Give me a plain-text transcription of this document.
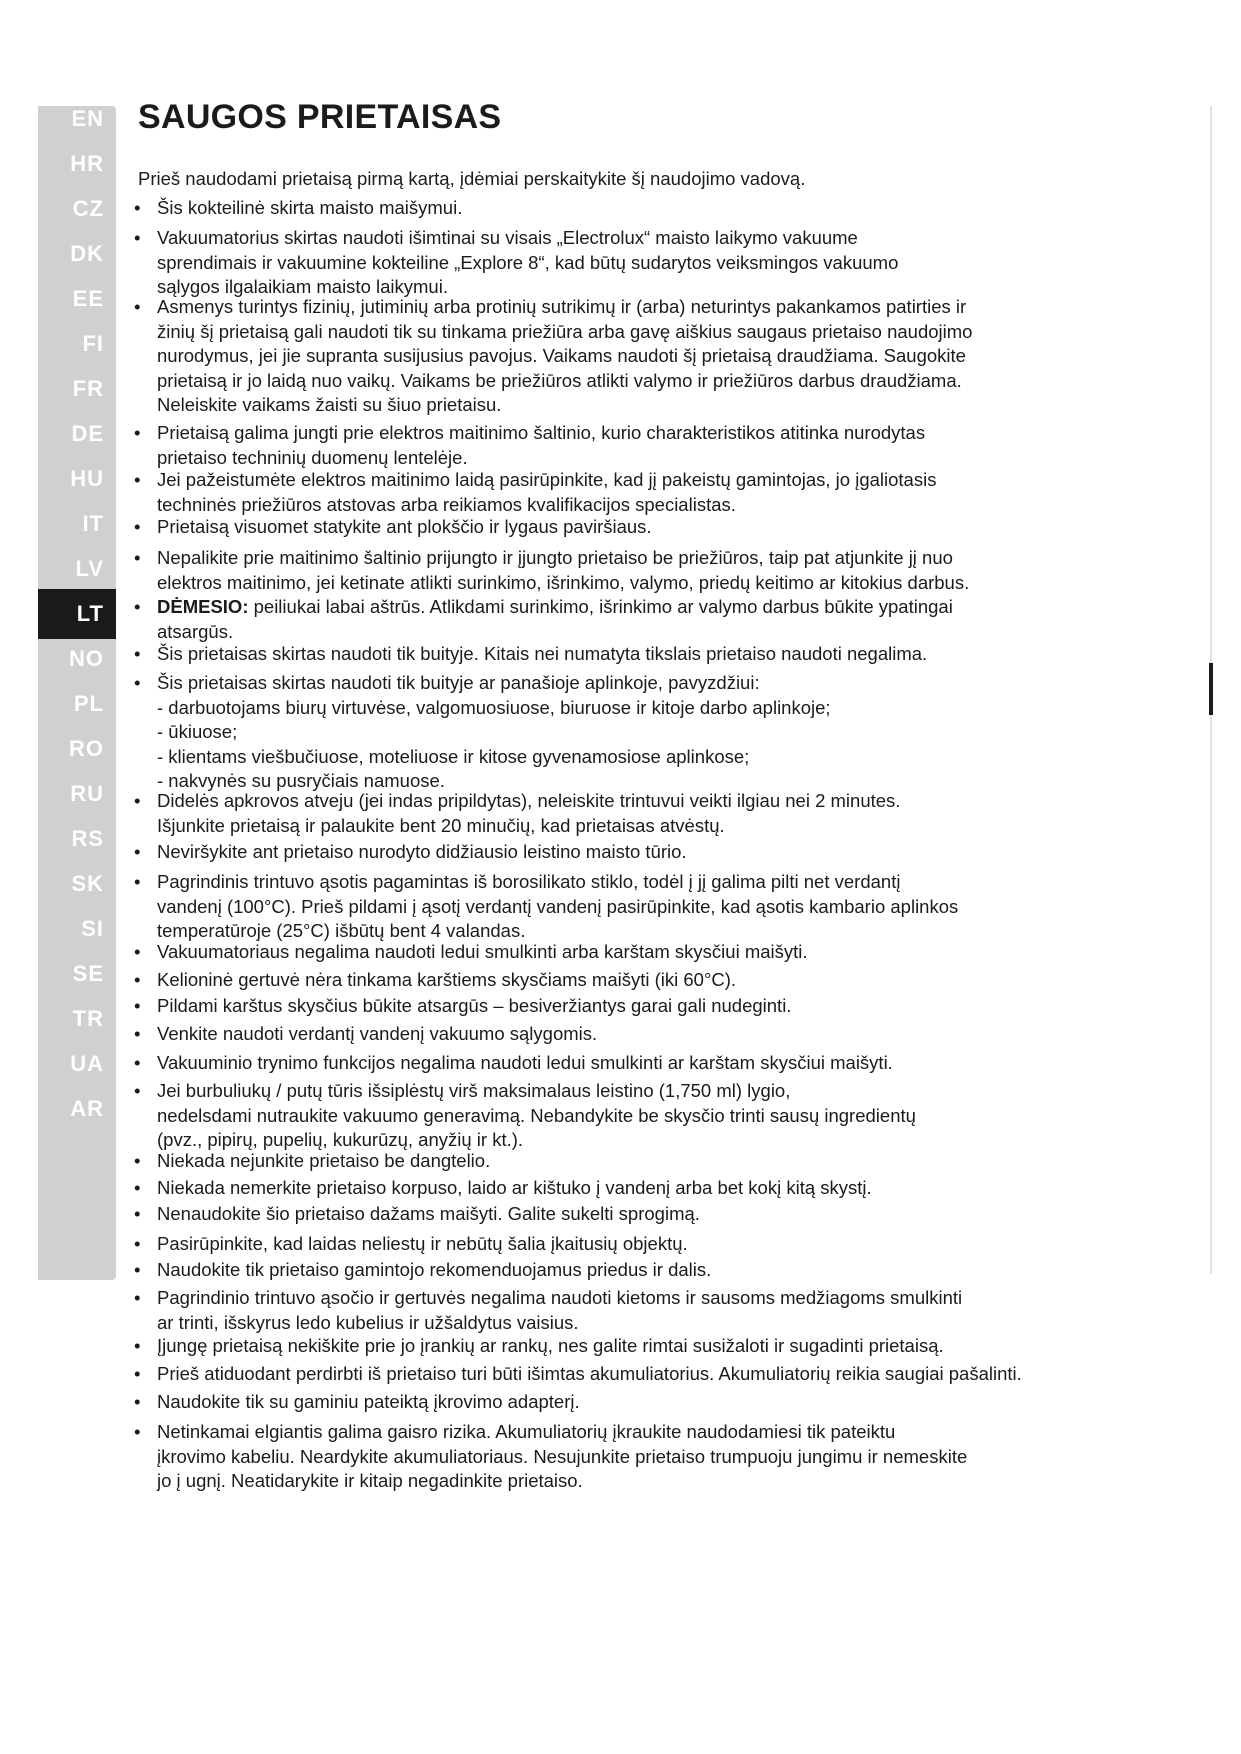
EN
HR
CZ
DK
EE
FI
FR
DE
HU
IT
LV
LT
NO
PL
RO
RU
RS
SK
SI
SE
TR
UA
AR
SAUGOS PRIETAISAS

Prieš naudodami prietaisą pirmą kartą, įdėmiai perskaitykite šį naudojimo vadovą.

• Šis kokteilinė skirta maisto maišymui.
• Vakuumatorius skirtas naudoti išimtinai su visais „Electrolux“ maisto laikymo vakuume
sprendimais ir vakuumine kokteiline „Explore 8“, kad būtų sudarytos veiksmingos vakuumo
sąlygos ilgalaikiam maisto laikymui.
• Asmenys turintys fizinių, jutiminių arba protinių sutrikimų ir (arba) neturintys pakankamos patirties ir
žinių šį prietaisą gali naudoti tik su tinkama priežiūra arba gavę aiškius saugaus prietaiso naudojimo
nurodymus, jei jie supranta susijusius pavojus. Vaikams naudoti šį prietaisą draudžiama. Saugokite
prietaisą ir jo laidą nuo vaikų. Vaikams be priežiūros atlikti valymo ir priežiūros darbus draudžiama.
Neleiskite vaikams žaisti su šiuo prietaisu.
• Prietaisą galima jungti prie elektros maitinimo šaltinio, kurio charakteristikos atitinka nurodytas
prietaiso techninių duomenų lentelėje.
• Jei pažeistumėte elektros maitinimo laidą pasirūpinkite, kad jį pakeistų gamintojas, jo įgaliotasis
techninės priežiūros atstovas arba reikiamos kvalifikacijos specialistas.
• Prietaisą visuomet statykite ant plokščio ir lygaus paviršiaus.
• Nepalikite prie maitinimo šaltinio prijungto ir įjungto prietaiso be priežiūros, taip pat atjunkite jį nuo
elektros maitinimo, jei ketinate atlikti surinkimo, išrinkimo, valymo, priedų keitimo ar kitokius darbus.
• DĖMESIO: peiliukai labai aštrūs. Atlikdami surinkimo, išrinkimo ar valymo darbus būkite ypatingai
atsargūs.
• Šis prietaisas skirtas naudoti tik buityje. Kitais nei numatyta tikslais prietaiso naudoti negalima.
• Šis prietaisas skirtas naudoti tik buityje ar panašioje aplinkoje, pavyzdžiui:
- darbuotojams biurų virtuvėse, valgomuosiuose, biuruose ir kitoje darbo aplinkoje;
- ūkiuose;
- klientams viešbučiuose, moteliuose ir kitose gyvenamosiose aplinkose;
- nakvynės su pusryčiais namuose.
• Didelės apkrovos atveju (jei indas pripildytas), neleiskite trintuvui veikti ilgiau nei 2 minutes.
Išjunkite prietaisą ir palaukite bent 20 minučių, kad prietaisas atvėstų.
• Neviršykite ant prietaiso nurodyto didžiausio leistino maisto tūrio.
• Pagrindinis trintuvo ąsotis pagamintas iš borosilikato stiklo, todėl į jį galima pilti net verdantį
vandenį (100°C). Prieš pildami į ąsotį verdantį vandenį pasirūpinkite, kad ąsotis kambario aplinkos
temperatūroje (25°C) išbūtų bent 4 valandas.
• Vakuumatoriaus negalima naudoti ledui smulkinti arba karštam skysčiui maišyti.
• Kelioninė gertuvė nėra tinkama karštiems skysčiams maišyti (iki 60°C).
• Pildami karštus skysčius būkite atsargūs – besiveržiantys garai gali nudeginti.
• Venkite naudoti verdantį vandenį vakuumo sąlygomis.
• Vakuuminio trynimo funkcijos negalima naudoti ledui smulkinti ar karštam skysčiui maišyti.
• Jei burbuliukų / putų tūris išsiplėstų virš maksimalaus leistino (1,750 ml) lygio,
nedelsdami nutraukite vakuumo generavimą. Nebandykite be skysčio trinti sausų ingredientų
(pvz., pipirų, pupelių, kukurūzų, anyžių ir kt.).
• Niekada nejunkite prietaiso be dangtelio.
• Niekada nemerkite prietaiso korpuso, laido ar kištuko į vandenį arba bet kokį kitą skystį.
• Nenaudokite šio prietaiso dažams maišyti. Galite sukelti sprogimą.
• Pasirūpinkite, kad laidas neliestų ir nebūtų šalia įkaitusių objektų.
• Naudokite tik prietaiso gamintojo rekomenduojamus priedus ir dalis.
• Pagrindinio trintuvo ąsočio ir gertuvės negalima naudoti kietoms ir sausoms medžiagoms smulkinti
ar trinti, išskyrus ledo kubelius ir užšaldytus vaisius.
• Įjungę prietaisą nekiškite prie jo įrankių ar rankų, nes galite rimtai susižaloti ir sugadinti prietaisą.
• Prieš atiduodant perdirbti iš prietaiso turi būti išimtas akumuliatorius. Akumuliatorių reikia saugiai pašalinti.
• Naudokite tik su gaminiu pateiktą įkrovimo adapterį.
• Netinkamai elgiantis galima gaisro rizika. Akumuliatorių įkraukite naudodamiesi tik pateiktu
įkrovimo kabeliu. Neardykite akumuliatoriaus. Nesujunkite prietaiso trumpuoju jungimu ir nemeskite
jo į ugnį. Neatidarykite ir kitaip negadinkite prietaiso.
